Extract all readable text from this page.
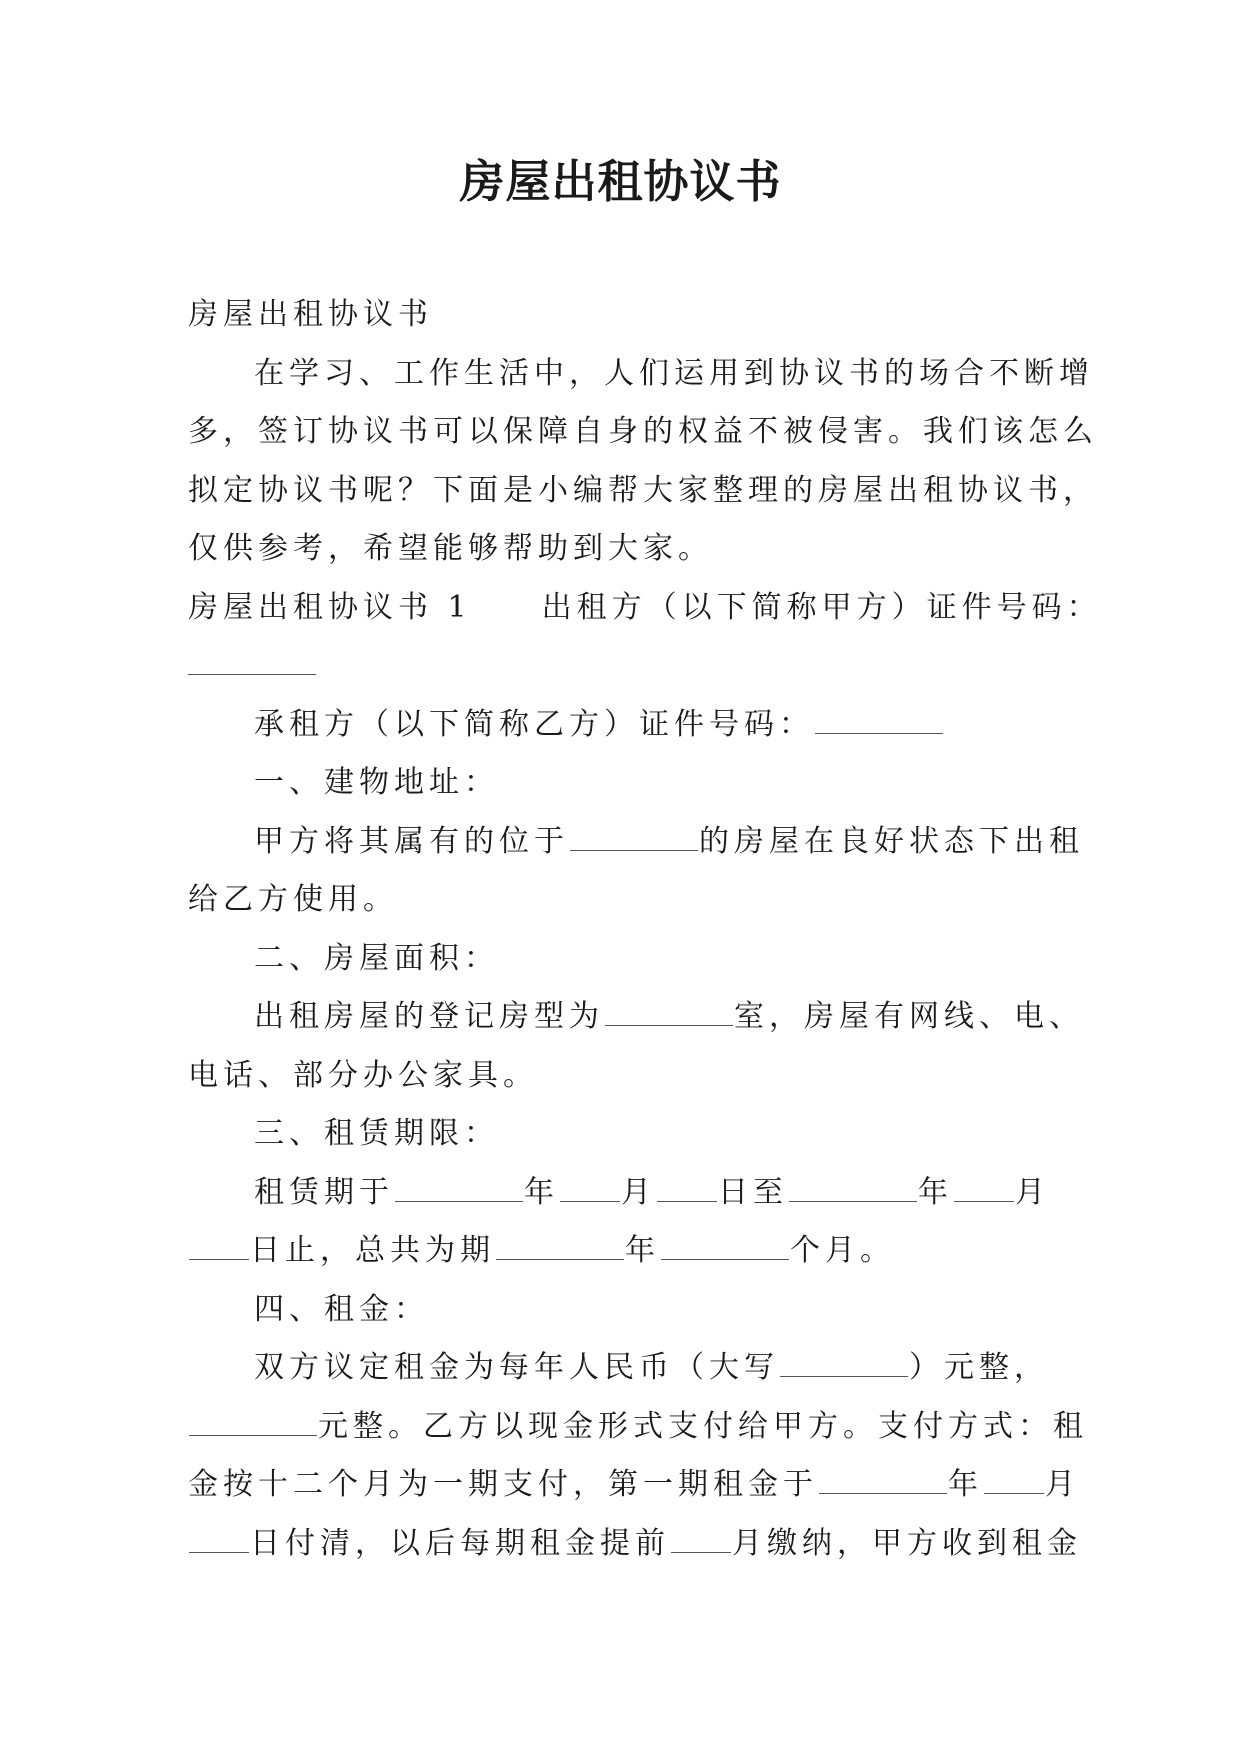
房屋出租协议书
房屋出租协议书
在学习、工作生活中，人们运用到协议书的场合不断增
多，签订协议书可以保障自身的权益不被侵害。我们该怎么
拟定协议书呢？下面是小编帮大家整理的房屋出租协议书，
仅供参考，希望能够帮助到大家。
房屋出租协议书 1 出租方（以下简称甲方）证件号码：
承租方（以下简称乙方）证件号码：
一、建物地址：
甲方将其属有的位于	的房屋在良好状态下出租
给乙方使用。
二、房屋面积：
出租房屋的登记房型为	室，房屋有网线、电、
电话、部分办公家具。
三、租赁期限：
租赁期于	年 月 日至	年 月
日止，总共为期	年	个月。
四、租金：
双方议定租金为每年人民币（大写	）元整，
元整。乙方以现金形式支付给甲方。支付方式：租
金按十二个月为一期支付，第一期租金于	年 月
日付清，以后每期租金提前 月缴纳，甲方收到租金
